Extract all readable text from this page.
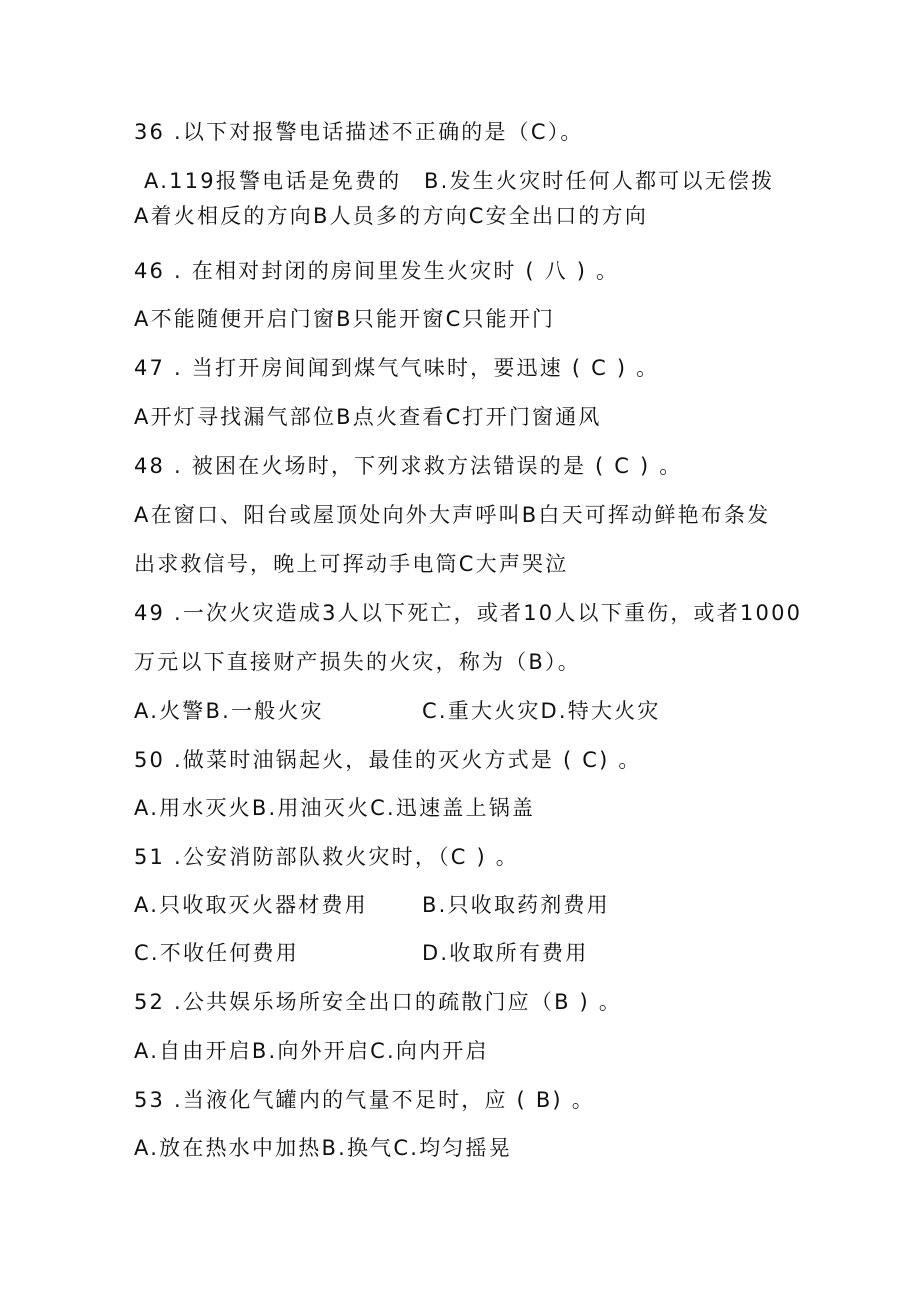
36 .以下对报警电话描述不正确的是（C）。
A.119报警电话是免费的 B.发生火灾时任何人都可以无偿拨
A着火相反的方向B人员多的方向C安全出口的方向
46 . 在相对封闭的房间里发生火灾时 ( 八 ) 。
A不能随便开启门窗B只能开窗C只能开门
47 . 当打开房间闻到煤气气味时，要迅速 ( C ) 。
A开灯寻找漏气部位B点火查看C打开门窗通风
48 . 被困在火场时，下列求救方法错误的是 ( C ) 。
A在窗口、阳台或屋顶处向外大声呼叫B白天可挥动鲜艳布条发
出求救信号，晚上可挥动手电筒C大声哭泣
49 .一次火灾造成3人以下死亡，或者10人以下重伤，或者1000
万元以下直接财产损失的火灾，称为（B）。
A.火警B.一般火灾	C.重大火灾D.特大火灾
50 .做菜时油锅起火，最佳的灭火方式是 ( C) 。
A.用水灭火B.用油灭火C.迅速盖上锅盖
51 .公安消防部队救火灾时，（C ) 。
A.只收取灭火器材费用	B.只收取药剂费用
C.不收任何费用	D.收取所有费用
52 .公共娱乐场所安全出口的疏散门应（B ) 。
A.自由开启B.向外开启C.向内开启
53 .当液化气罐内的气量不足时，应 ( B) 。
A.放在热水中加热B.换气C.均匀摇晃
